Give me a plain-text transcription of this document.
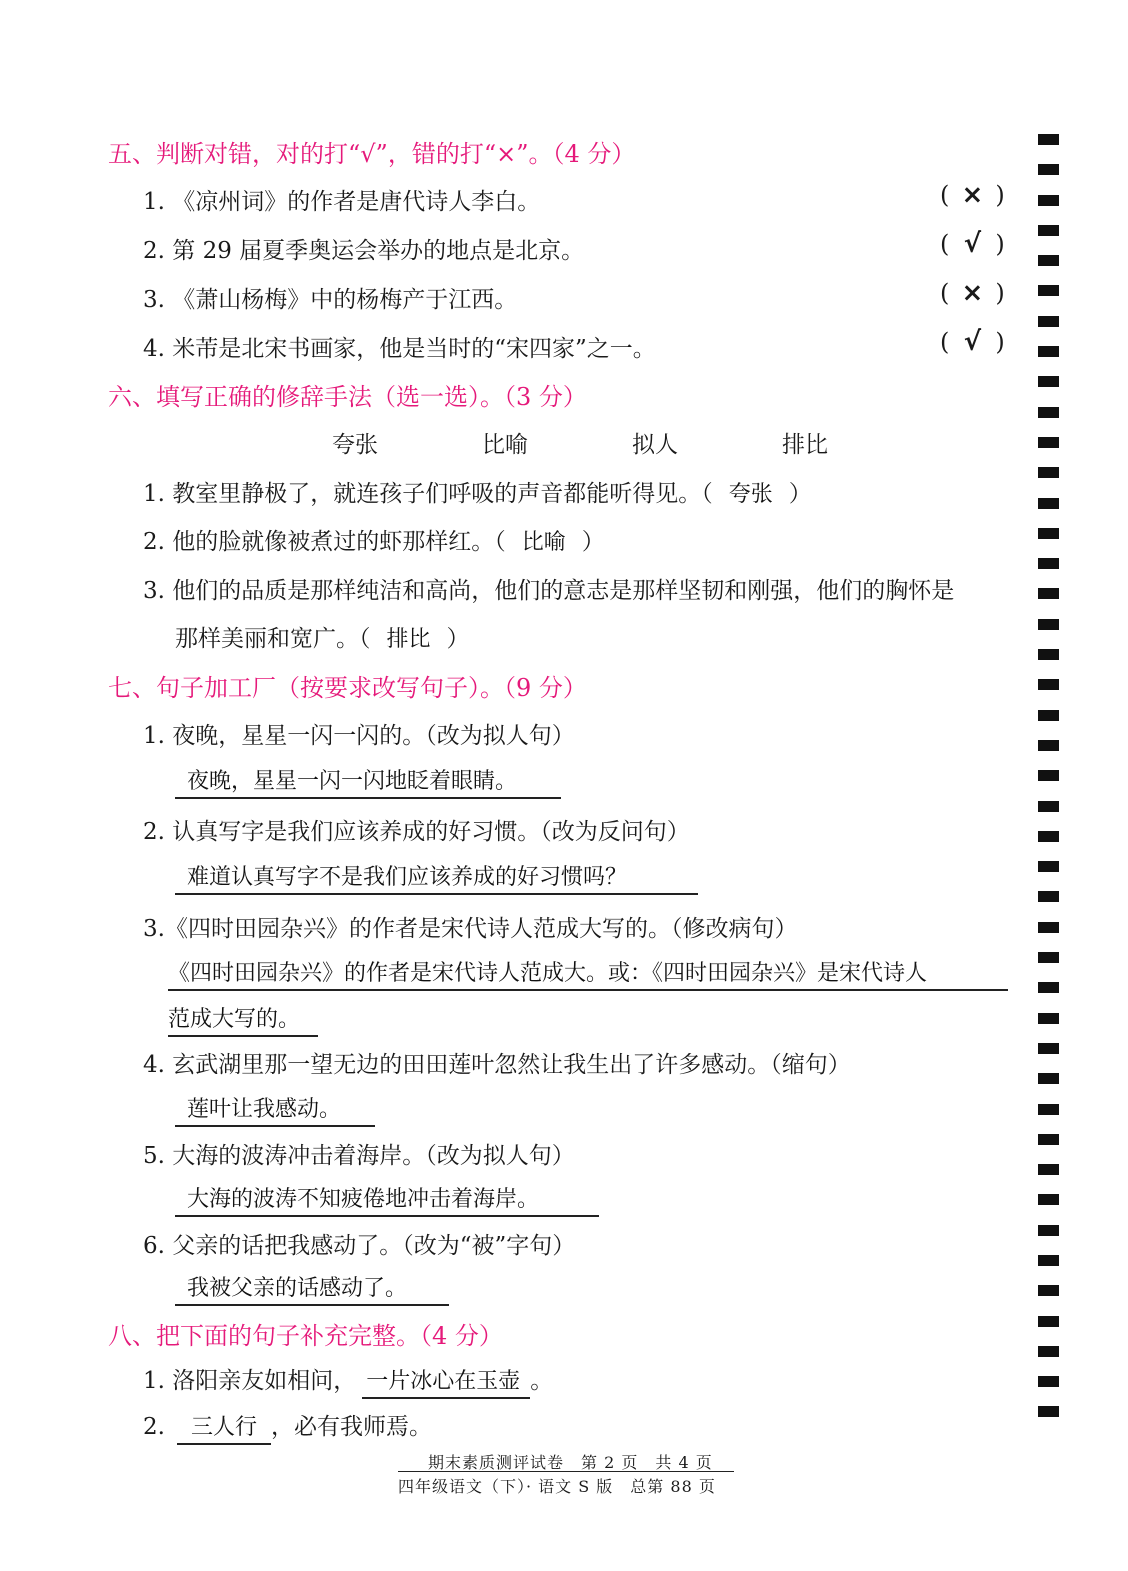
五、判断对错，对的打“√”，错的打“×”。（4 分）
1. 《凉州词》的作者是唐代诗人李白。	( × )
2. 第 29 届夏季奥运会举办的地点是北京。	( √ )
3. 《萧山杨梅》中的杨梅产于江西。	( × )
4. 米芾是北宋书画家，他是当时的“宋四家”之一。	( √ )
六、填写正确的修辞手法（选一选）。（3 分）
夸张	比喻	拟人	排比
1. 教室里静极了，就连孩子们呼吸的声音都能听得见。（ 夸张 ）
2. 他的脸就像被煮过的虾那样红。（ 比喻 ）
3. 他们的品质是那样纯洁和高尚，他们的意志是那样坚韧和刚强，他们的胸怀是
那样美丽和宽广。（ 排比 ）
七、句子加工厂（按要求改写句子）。（9 分）
1. 夜晚，星星一闪一闪的。（改为拟人句）
夜晚，星星一闪一闪地眨着眼睛。
2. 认真写字是我们应该养成的好习惯。（改为反问句）
难道认真写字不是我们应该养成的好习惯吗？
3.《四时田园杂兴》的作者是宋代诗人范成大写的。（修改病句）
《四时田园杂兴》的作者是宋代诗人范成大。或：《四时田园杂兴》是宋代诗人
范成大写的。
4. 玄武湖里那一望无边的田田莲叶忽然让我生出了许多感动。（缩句）
莲叶让我感动。
5. 大海的波涛冲击着海岸。（改为拟人句）
大海的波涛不知疲倦地冲击着海岸。
6. 父亲的话把我感动了。（改为“被”字句）
我被父亲的话感动了。
八、把下面的句子补充完整。（4 分）
1. 洛阳亲友如相问， 一片冰心在玉壶 。
2. 三人行 ，必有我师焉。
期末素质测评试卷　第 2 页　共 4 页
四年级语文（下）· 语文 S 版　总第 88 页
